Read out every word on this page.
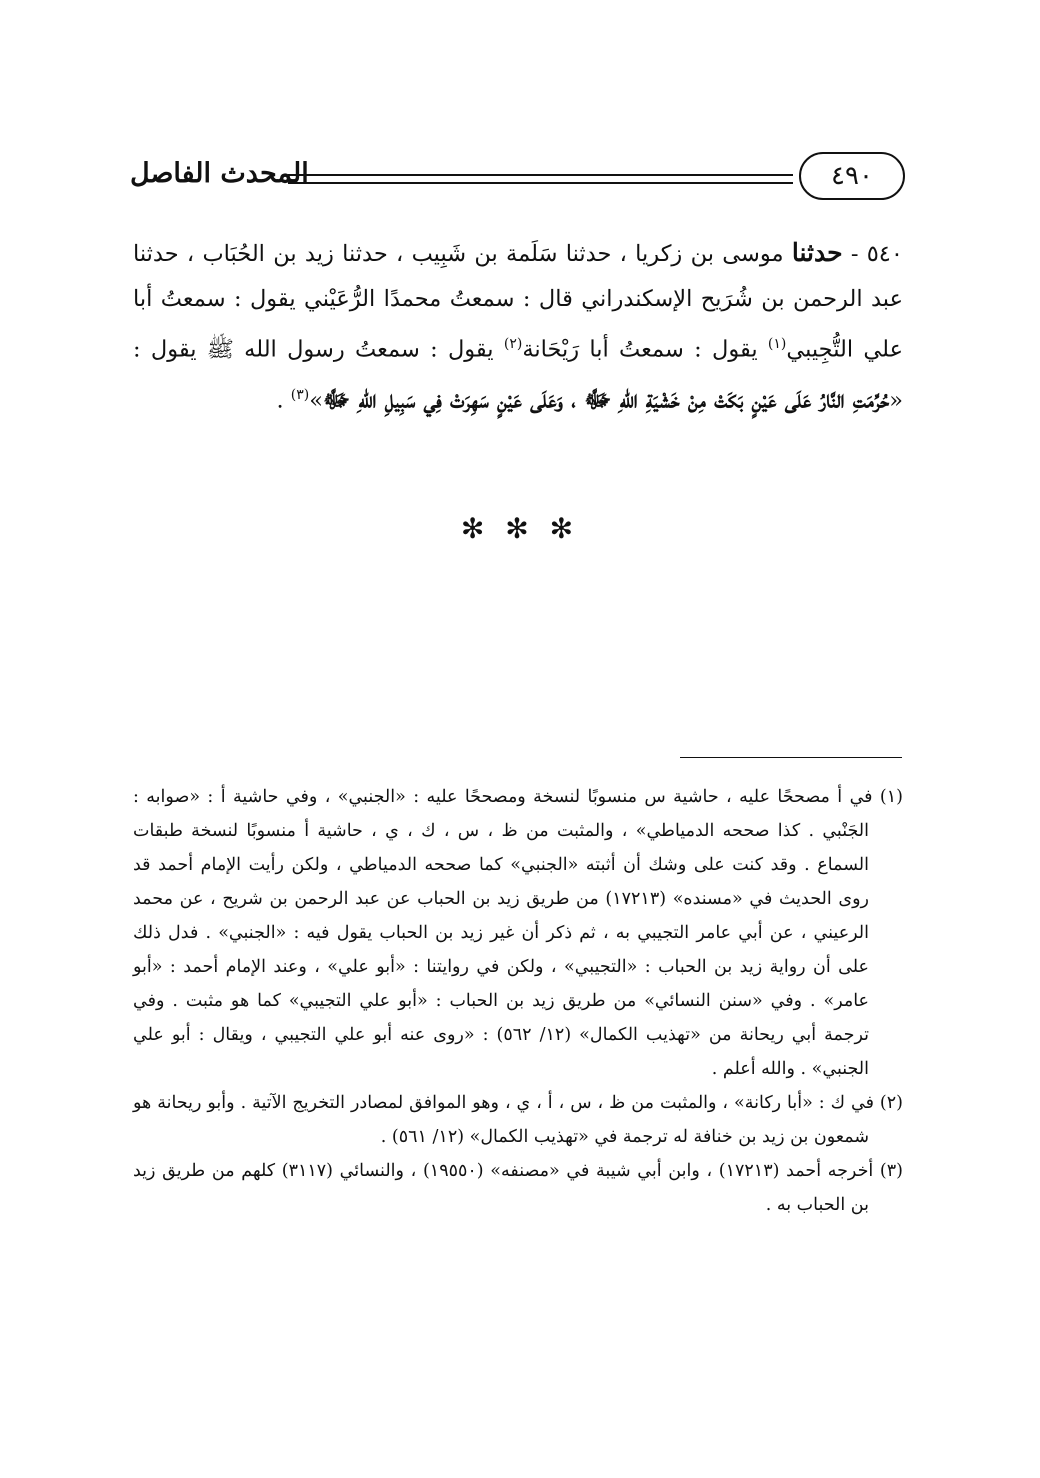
المحدث الفاصل	٤٩٠

٥٤٠ - حدثنا موسى بن زكريا ، حدثنا سَلَمة بن شَبِيب ، حدثنا زيد بن الحُبَاب ، حدثنا عبد الرحمن بن شُرَيح الإسكندراني قال : سمعتُ محمدًا الرُّعَيْني يقول : سمعتُ أبا علي التُّجِيبي$^{(١)}$ يقول : سمعتُ أبا رَيْحَانة$^{(٢)}$ يقول : سمعتُ رسول الله ﷺ يقول : «حُرِّمَتِ النَّارُ عَلَى عَيْنٍ بَكَتْ مِنْ خَشْيَةِ اللهِ ﷻ ، وَعَلَى عَيْنٍ سَهِرَتْ فِي سَبِيلِ اللهِ ﷻ»$^{(٣)}$ .

✻ ✻ ✻

(١) في أ مصححًا عليه ، حاشية س منسوبًا لنسخة ومصححًا عليه : «الجنبي» ، وفي حاشية أ : «صوابه : الجَنْبي . كذا صححه الدمياطي» ، والمثبت من ظ ، س ، ك ، ي ، حاشية أ منسوبًا لنسخة طبقات السماع . وقد كنت على وشك أن أثبته «الجنبي» كما صححه الدمياطي ، ولكن رأيت الإمام أحمد قد روى الحديث في «مسنده» (١٧٢١٣) من طريق زيد بن الحباب عن عبد الرحمن بن شريح ، عن محمد الرعيني ، عن أبي عامر التجيبي به ، ثم ذكر أن غير زيد بن الحباب يقول فيه : «الجنبي» . فدل ذلك على أن رواية زيد بن الحباب : «التجيبي» ، ولكن في روايتنا : «أبو علي» ، وعند الإمام أحمد : «أبو عامر» . وفي «سنن النسائي» من طريق زيد بن الحباب : «أبو علي التجيبي» كما هو مثبت . وفي ترجمة أبي ريحانة من «تهذيب الكمال» (١٢/ ٥٦٢) : «روى عنه أبو علي التجيبي ، ويقال : أبو علي الجنبي» . والله أعلم .

(٢) في ك : «أبا ركانة» ، والمثبت من ظ ، س ، أ ، ي ، وهو الموافق لمصادر التخريج الآتية . وأبو ريحانة هو شمعون بن زيد بن خنافة له ترجمة في «تهذيب الكمال» (١٢/ ٥٦١) .

(٣) أخرجه أحمد (١٧٢١٣) ، وابن أبي شيبة في «مصنفه» (١٩٥٥٠) ، والنسائي (٣١١٧) كلهم من طريق زيد بن الحباب به .
